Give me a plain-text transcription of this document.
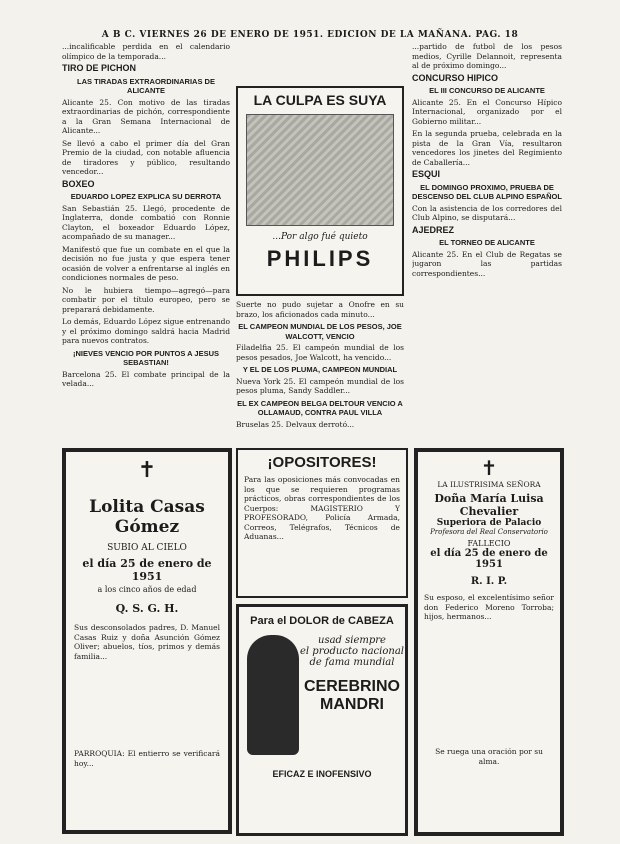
A B C. VIERNES 26 DE ENERO DE 1951. EDICION DE LA MAÑANA. PAG. 18

...incalificable perdida en el calendario olímpico de la temporada...

TIRO DE PICHON
LAS TIRADAS EXTRAORDINARIAS DE ALICANTE

Alicante 25. Con motivo de las tiradas extraordinarias de pichón, correspondiente a la Gran Semana Internacional de Alicante...

Se llevó a cabo el primer día del Gran Premio de la ciudad, con notable afluencia de tiradores y público, resultando vencedor...

BOXEO
EDUARDO LOPEZ EXPLICA SU DERROTA

San Sebastián 25. Llegó, procedente de Inglaterra, donde combatió con Ronnie Clayton, el boxeador Eduardo López, acompañado de su manager...

Manifestó que fue un combate en el que la decisión no fue justa y que espera tener ocasión de volver a enfrentarse al inglés en condiciones normales de peso.

No le hubiera tiempo—agregó—para combatir por el título europeo, pero se preparará debidamente.

Lo demás, Eduardo López sigue entrenando y el próximo domingo saldrá hacia Madrid para nuevos contratos.

¡NIEVES VENCIO POR PUNTOS A JESUS SEBASTIAN!

Barcelona 25. El combate principal de la velada...

LA CULPA ES SUYA
...Por algo fué quieto
PHILIPS

Suerte no pudo sujetar a Onofre en su brazo, los aficionados cada minuto...

EL CAMPEON MUNDIAL DE LOS PESOS, JOE WALCOTT, VENCIO

Filadelfia 25. El campeón mundial de los pesos pesados, Joe Walcott, ha vencido...

Y EL DE LOS PLUMA, CAMPEON MUNDIAL

Nueva York 25. El campeón mundial de los pesos pluma, Sandy Saddler...

EL EX CAMPEON BELGA DELTOUR VENCIO A OLLAMAUD, CONTRA PAUL VILLA

Bruselas 25. Delvaux derrotó...

...partido de futbol de los pesos medios, Cyrille Delannoit, representa al de próximo domingo...

CONCURSO HIPICO
EL III CONCURSO DE ALICANTE

Alicante 25. En el Concurso Hípico Internacional, organizado por el Gobierno militar...

En la segunda prueba, celebrada en la pista de la Gran Vía, resultaron vencedores los jinetes del Regimiento de Caballería...

ESQUI
EL DOMINGO PROXIMO, PRUEBA DE DESCENSO DEL CLUB ALPINO ESPAÑOL

Con la asistencia de los corredores del Club Alpino, se disputará...

AJEDREZ
EL TORNEO DE ALICANTE

Alicante 25. En el Club de Regatas se jugaron las partidas correspondientes...

✝
Lolita Casas Gómez
SUBIO AL CIELO
el día 25 de enero de 1951
a los cinco años de edad
Q. S. G. H.
Sus desconsolados padres, D. Manuel Casas Ruiz y doña Asunción Gómez Oliver; abuelos, tíos, primos y demás familia...
PARROQUIA: El entierro se verificará hoy...
¡OPOSITORES!
Para las oposiciones más convocadas en los que se requieren programas prácticos, obras correspondientes de los Cuerpos: MAGISTERIO Y PROFESORADO, Policía Armada, Correos, Telégrafos, Técnicos de Aduanas...
Para el DOLOR de CABEZA
usad siempre
el producto nacional
de fama mundial
CEREBRINO
MANDRI
EFICAZ E INOFENSIVO
✝
LA ILUSTRISIMA SEÑORA
Doña María Luisa Chevalier
Superiora de Palacio
Profesora del Real Conservatorio
FALLECIO
el día 25 de enero de 1951
R. I. P.
Su esposo, el excelentísimo señor don Federico Moreno Torroba; hijos, hermanos...
Se ruega una oración por su alma.
